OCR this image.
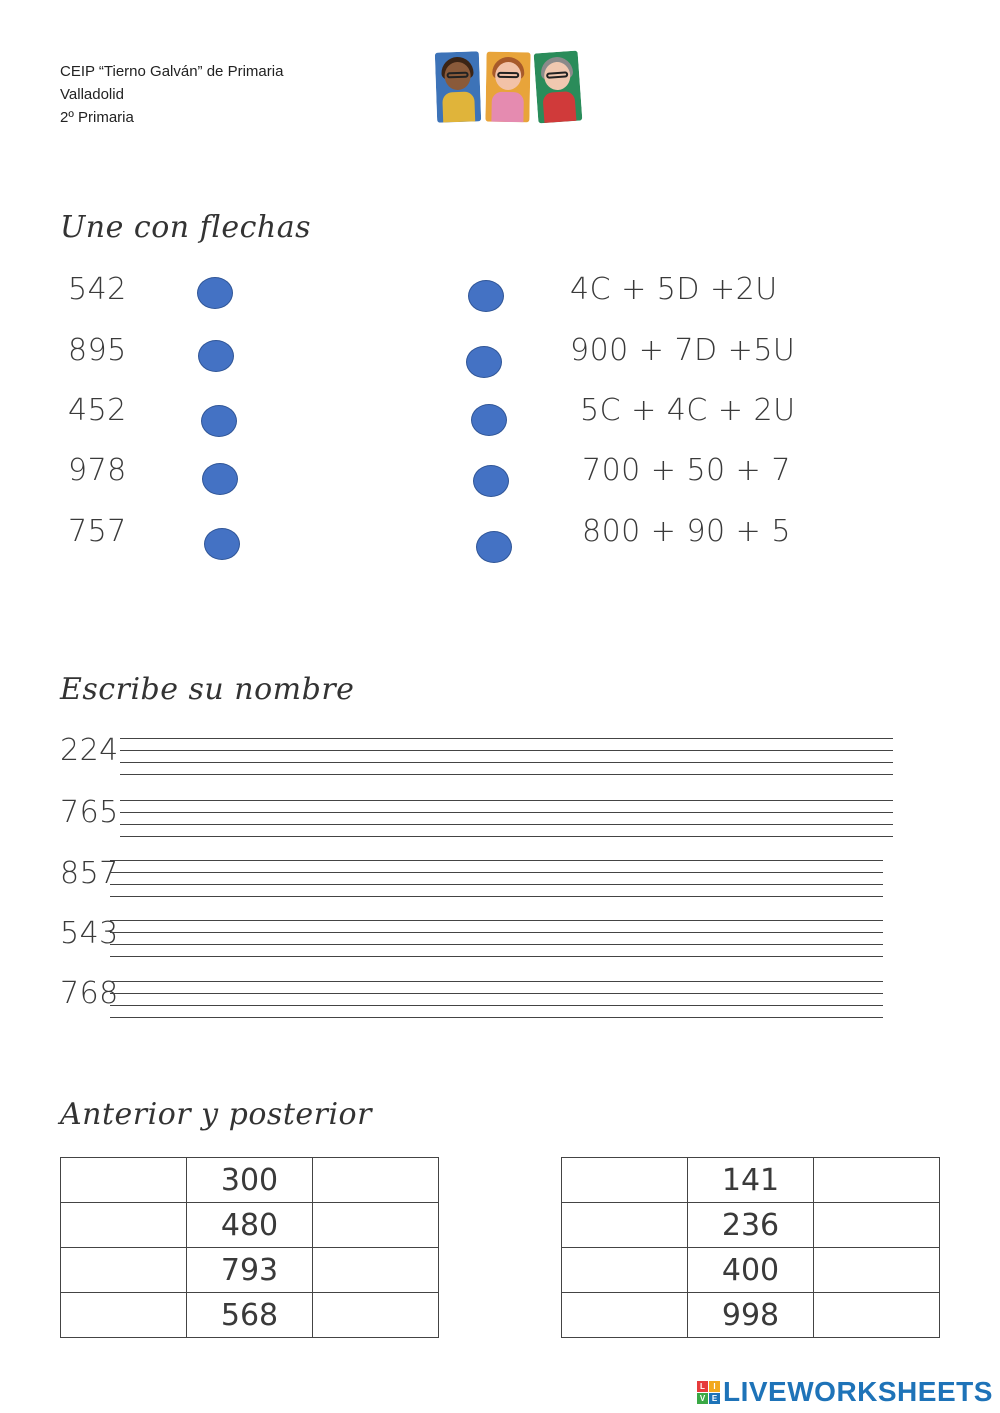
CEIP “Tierno Galván” de Primaria
Valladolid
2º Primaria
Une con flechas
542
895
452
978
757
4C + 5D +2U
900 + 7D +5U
5C + 4C + 2U
700 + 50 + 7
800 + 90 + 5
Escribe su nombre
224
765
857
543
768
Anterior y posterior
	300	
	480	
	793	
	568	
	141	
	236	
	400	
	998	
L	I
V E LIVEWORKSHEETS
